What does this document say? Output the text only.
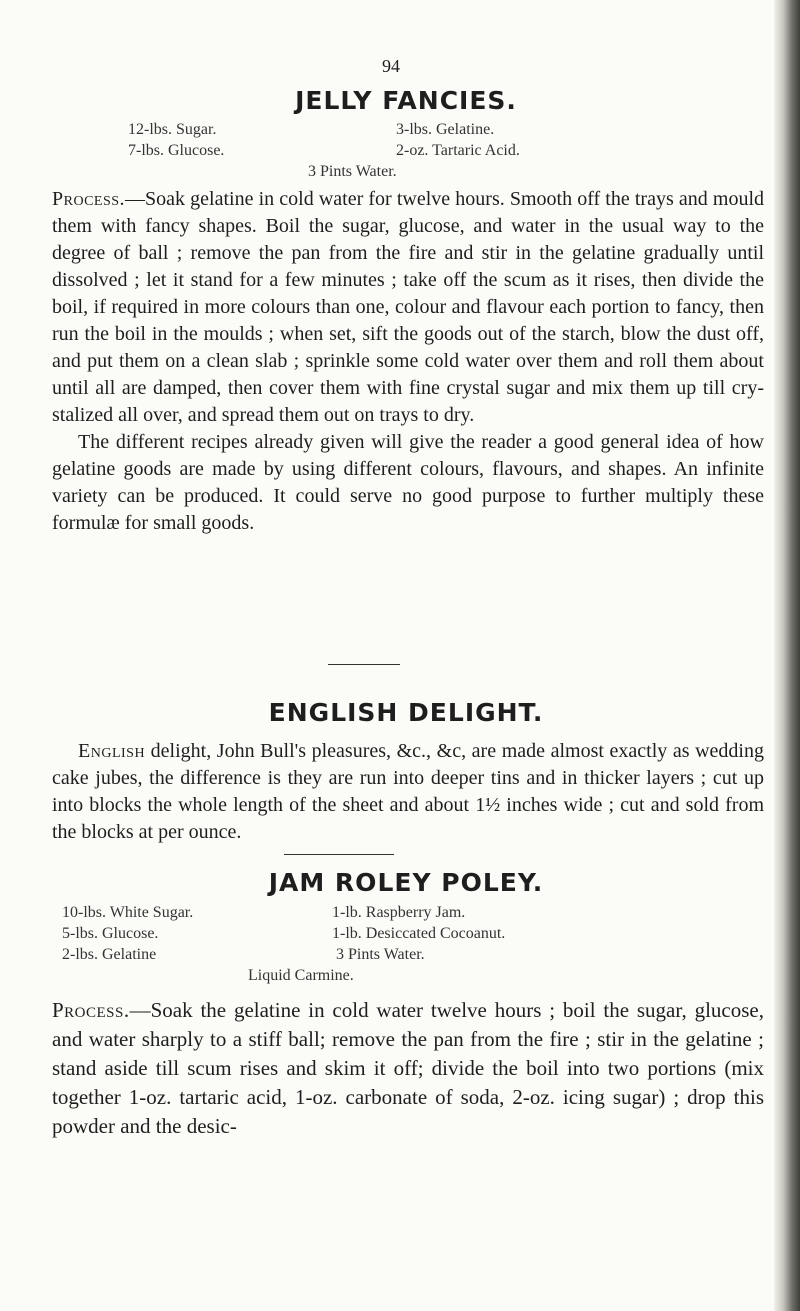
94
JELLY FANCIES.
12-lbs. Sugar.	3-lbs. Gelatine.
7-lbs. Glucose.	2-oz. Tartaric Acid.
3 Pints Water.

Process.—Soak gelatine in cold water for twelve hours. Smooth off the trays and mould them with fancy shapes. Boil the sugar, glucose, and water in the usual way to the degree of ball ; remove the pan from the fire and stir in the gelatine gradually until dissolved ; let it stand for a few minutes ; take off the scum as it rises, then divide the boil, if required in more colours than one, colour and flavour each portion to fancy, then run the boil in the moulds ; when set, sift the goods out of the starch, blow the dust off, and put them on a clean slab ; sprinkle some cold water over them and roll them about until all are damped, then cover them with fine crystal sugar and mix them up till cry-stalized all over, and spread them out on trays to dry.

The different recipes already given will give the reader a good general idea of how gelatine goods are made by using different colours, flavours, and shapes. An infinite variety can be produced. It could serve no good purpose to further multiply these formulæ for small goods.

ENGLISH DELIGHT.

English delight, John Bull's pleasures, &c., &c, are made almost exactly as wedding cake jubes, the difference is they are run into deeper tins and in thicker layers ; cut up into blocks the whole length of the sheet and about 1½ inches wide ; cut and sold from the blocks at per ounce.

JAM ROLEY POLEY.
10-lbs. White Sugar.	1-lb. Raspberry Jam.
5-lbs. Glucose.	1-lb. Desiccated Cocoanut.
2-lbs. Gelatine	3 Pints Water.
Liquid Carmine.

Process.—Soak the gelatine in cold water twelve hours ; boil the sugar, glucose, and water sharply to a stiff ball; remove the pan from the fire ; stir in the gelatine ; stand aside till scum rises and skim it off; divide the boil into two portions (mix together 1-oz. tartaric acid, 1-oz. carbonate of soda, 2-oz. icing sugar) ; drop this powder and the desic-
